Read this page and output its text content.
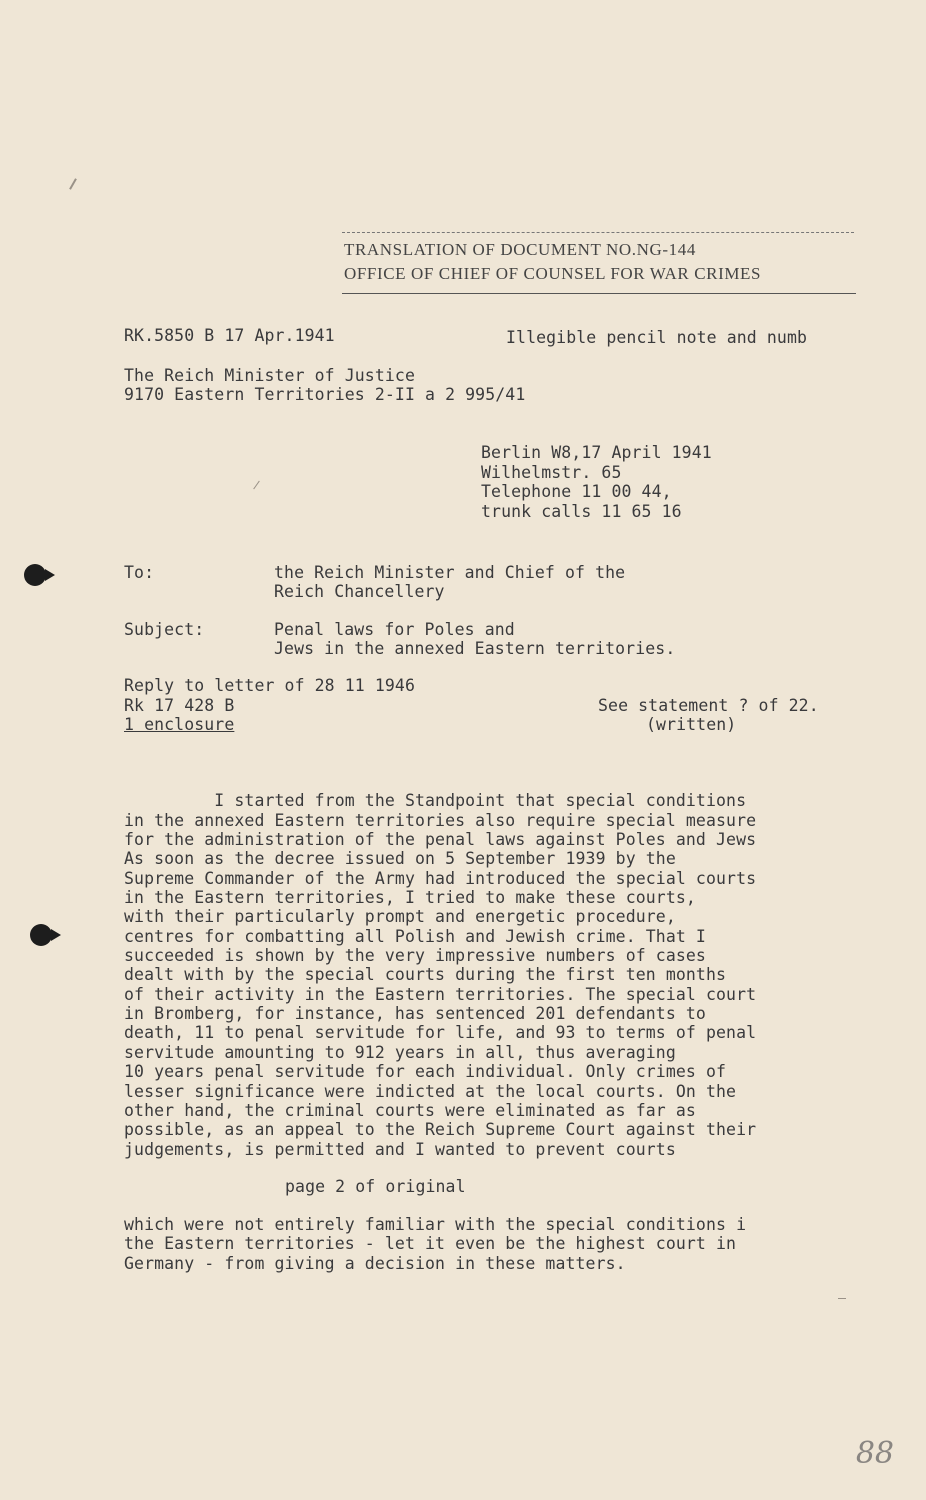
TRANSLATION OF DOCUMENT NO.NG-144
OFFICE OF CHIEF OF COUNSEL FOR WAR CRIMES
RK.5850 B 17 Apr.1941	Illegible pencil note and numb
The Reich Minister of Justice
9170 Eastern Territories 2-II a 2 995/41
Berlin W8,17 April 1941
Wilhelmstr. 65
Telephone 11 00 44,
trunk calls 11 65 16
To:	the Reich Minister and Chief of the
Reich Chancellery
Subject:	Penal laws for Poles and
Jews in the annexed Eastern territories.
Reply to letter of 28 11 1946
Rk 17 428 B
1 enclosure
See statement ? of 22.
(written)
I started from the Standpoint that special conditions
in the annexed Eastern territories also require special measure
for the administration of the penal laws against Poles and Jews
As soon as the decree issued on 5 September 1939 by the
Supreme Commander of the Army had introduced the special courts
in the Eastern territories, I tried to make these courts,
with their particularly prompt and energetic procedure,
centres for combatting all Polish and Jewish crime. That I
succeeded is shown by the very impressive numbers of cases
dealt with by the special courts during the first ten months
of their activity in the Eastern territories. The special court
in Bromberg, for instance, has sentenced 201 defendants to
death, 11 to penal servitude for life, and 93 to terms of penal
servitude amounting to 912 years in all, thus averaging
10 years penal servitude for each individual. Only crimes of
lesser significance were indicted at the local courts. On the
other hand, the criminal courts were eliminated as far as
possible, as an appeal to the Reich Supreme Court against their
judgements, is permitted and I wanted to prevent courts
page 2 of original
which were not entirely familiar with the special conditions i
the Eastern territories - let it even be the highest court in
Germany - from giving a decision in these matters.
88
